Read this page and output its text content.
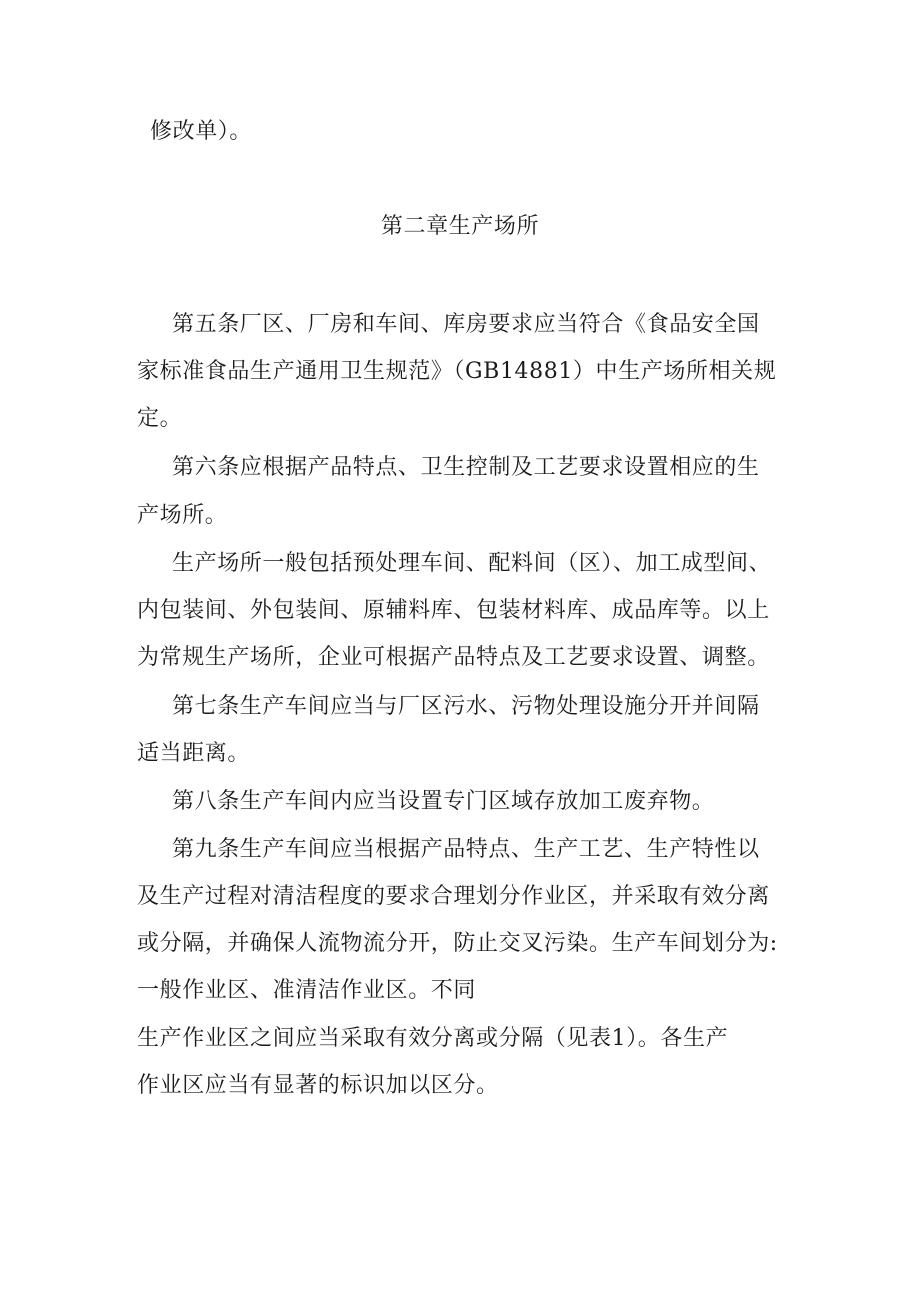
修改单）。
第二章生产场所
第五条厂区、厂房和车间、库房要求应当符合《食品安全国
家标准食品生产通用卫生规范》（GB14881）中生产场所相关规
定。
第六条应根据产品特点、卫生控制及工艺要求设置相应的生
产场所。
生产场所一般包括预处理车间、配料间（区）、加工成型间、
内包装间、外包装间、原辅料库、包装材料库、成品库等。以上
为常规生产场所，企业可根据产品特点及工艺要求设置、调整。
第七条生产车间应当与厂区污水、污物处理设施分开并间隔
适当距离。
第八条生产车间内应当设置专门区域存放加工废弃物。
第九条生产车间应当根据产品特点、生产工艺、生产特性以
及生产过程对清洁程度的要求合理划分作业区，并采取有效分离
或分隔，并确保人流物流分开，防止交叉污染。生产车间划分为:
一般作业区、准清洁作业区。不同
生产作业区之间应当采取有效分离或分隔（见表1）。各生产
作业区应当有显著的标识加以区分。
